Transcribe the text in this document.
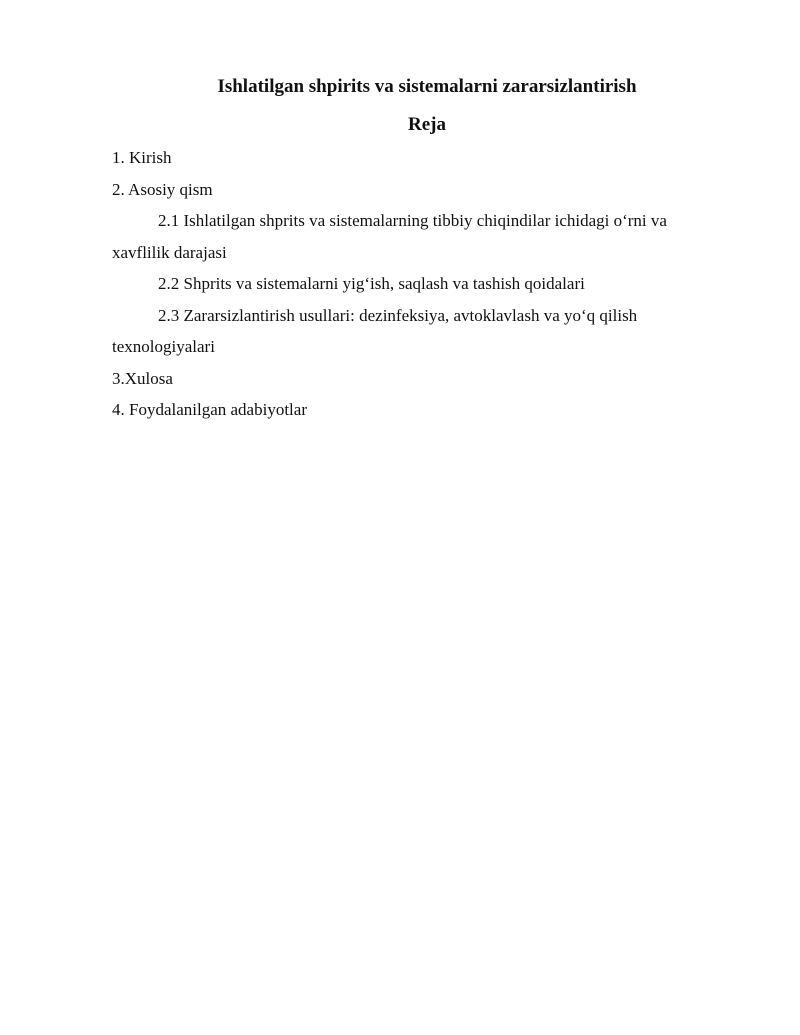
Ishlatilgan shpirits va sistemalarni zararsizlantirish
Reja

1. Kirish

2. Asosiy qism

2.1 Ishlatilgan shprits va sistemalarning tibbiy chiqindilar ichidagi o‘rni va

xavflilik darajasi

2.2 Shprits va sistemalarni yig‘ish, saqlash va tashish qoidalari

2.3 Zararsizlantirish usullari: dezinfeksiya, avtoklavlash va yo‘q qilish

texnologiyalari

3.Xulosa

4. Foydalanilgan adabiyotlar
